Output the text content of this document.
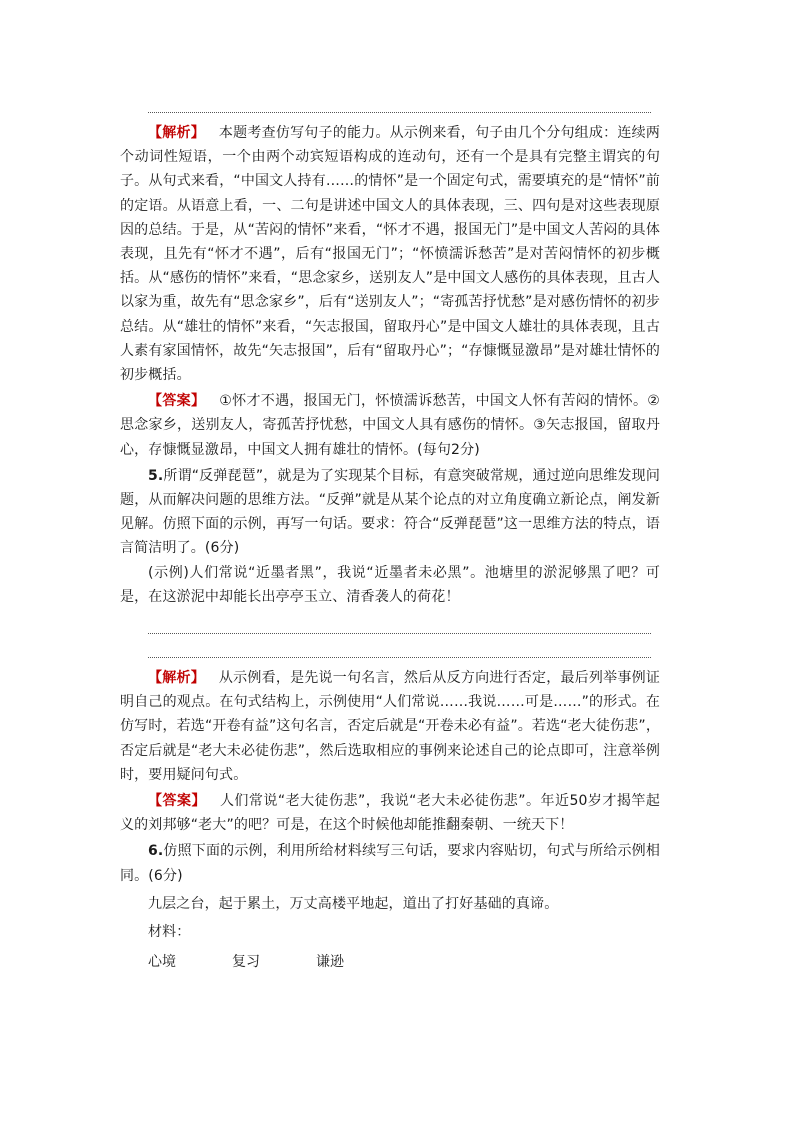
【解析】 本题考查仿写句子的能力。从示例来看，句子由几个分句组成：连续两个动词性短语，一个由两个动宾短语构成的连动句，还有一个是具有完整主谓宾的句子。从句式来看，“中国文人持有……的情怀”是一个固定句式，需要填充的是“情怀”前的定语。从语意上看，一、二句是讲述中国文人的具体表现，三、四句是对这些表现原因的总结。于是，从“苦闷的情怀”来看，“怀才不遇，报国无门”是中国文人苦闷的具体表现，且先有“怀才不遇”，后有“报国无门”；“怀愤濡诉愁苦”是对苦闷情怀的初步概括。从“感伤的情怀”来看，“思念家乡，送别友人”是中国文人感伤的具体表现，且古人以家为重，故先有“思念家乡”，后有“送别友人”；“寄孤苦抒忧愁”是对感伤情怀的初步总结。从“雄壮的情怀”来看，“矢志报国，留取丹心”是中国文人雄壮的具体表现，且古人素有家国情怀，故先“矢志报国”，后有“留取丹心”；“存慷慨显激昂”是对雄壮情怀的初步概括。

【答案】 ①怀才不遇，报国无门，怀愤濡诉愁苦，中国文人怀有苦闷的情怀。②思念家乡，送别友人，寄孤苦抒忧愁，中国文人具有感伤的情怀。③矢志报国，留取丹心，存慷慨显激昂，中国文人拥有雄壮的情怀。(每句2分)

5.所谓“反弹琵琶”，就是为了实现某个目标，有意突破常规，通过逆向思维发现问题，从而解决问题的思维方法。“反弹”就是从某个论点的对立角度确立新论点，阐发新见解。仿照下面的示例，再写一句话。要求：符合“反弹琵琶”这一思维方法的特点，语言简洁明了。(6分)

(示例)人们常说“近墨者黑”，我说“近墨者未必黑”。池塘里的淤泥够黑了吧？可是，在这淤泥中却能长出亭亭玉立、清香袭人的荷花！

【解析】 从示例看，是先说一句名言，然后从反方向进行否定，最后列举事例证明自己的观点。在句式结构上，示例使用“人们常说……我说……可是……”的形式。在仿写时，若选“开卷有益”这句名言，否定后就是“开卷未必有益”。若选“老大徒伤悲”，否定后就是“老大未必徒伤悲”，然后选取相应的事例来论述自己的论点即可，注意举例时，要用疑问句式。

【答案】 人们常说“老大徒伤悲”，我说“老大未必徒伤悲”。年近50岁才揭竿起义的刘邦够“老大”的吧？可是，在这个时候他却能推翻秦朝、一统天下！

6.仿照下面的示例，利用所给材料续写三句话，要求内容贴切，句式与所给示例相同。(6分)

九层之台，起于累土，万丈高楼平地起，道出了打好基础的真谛。

材料：

心境	复习	谦逊
